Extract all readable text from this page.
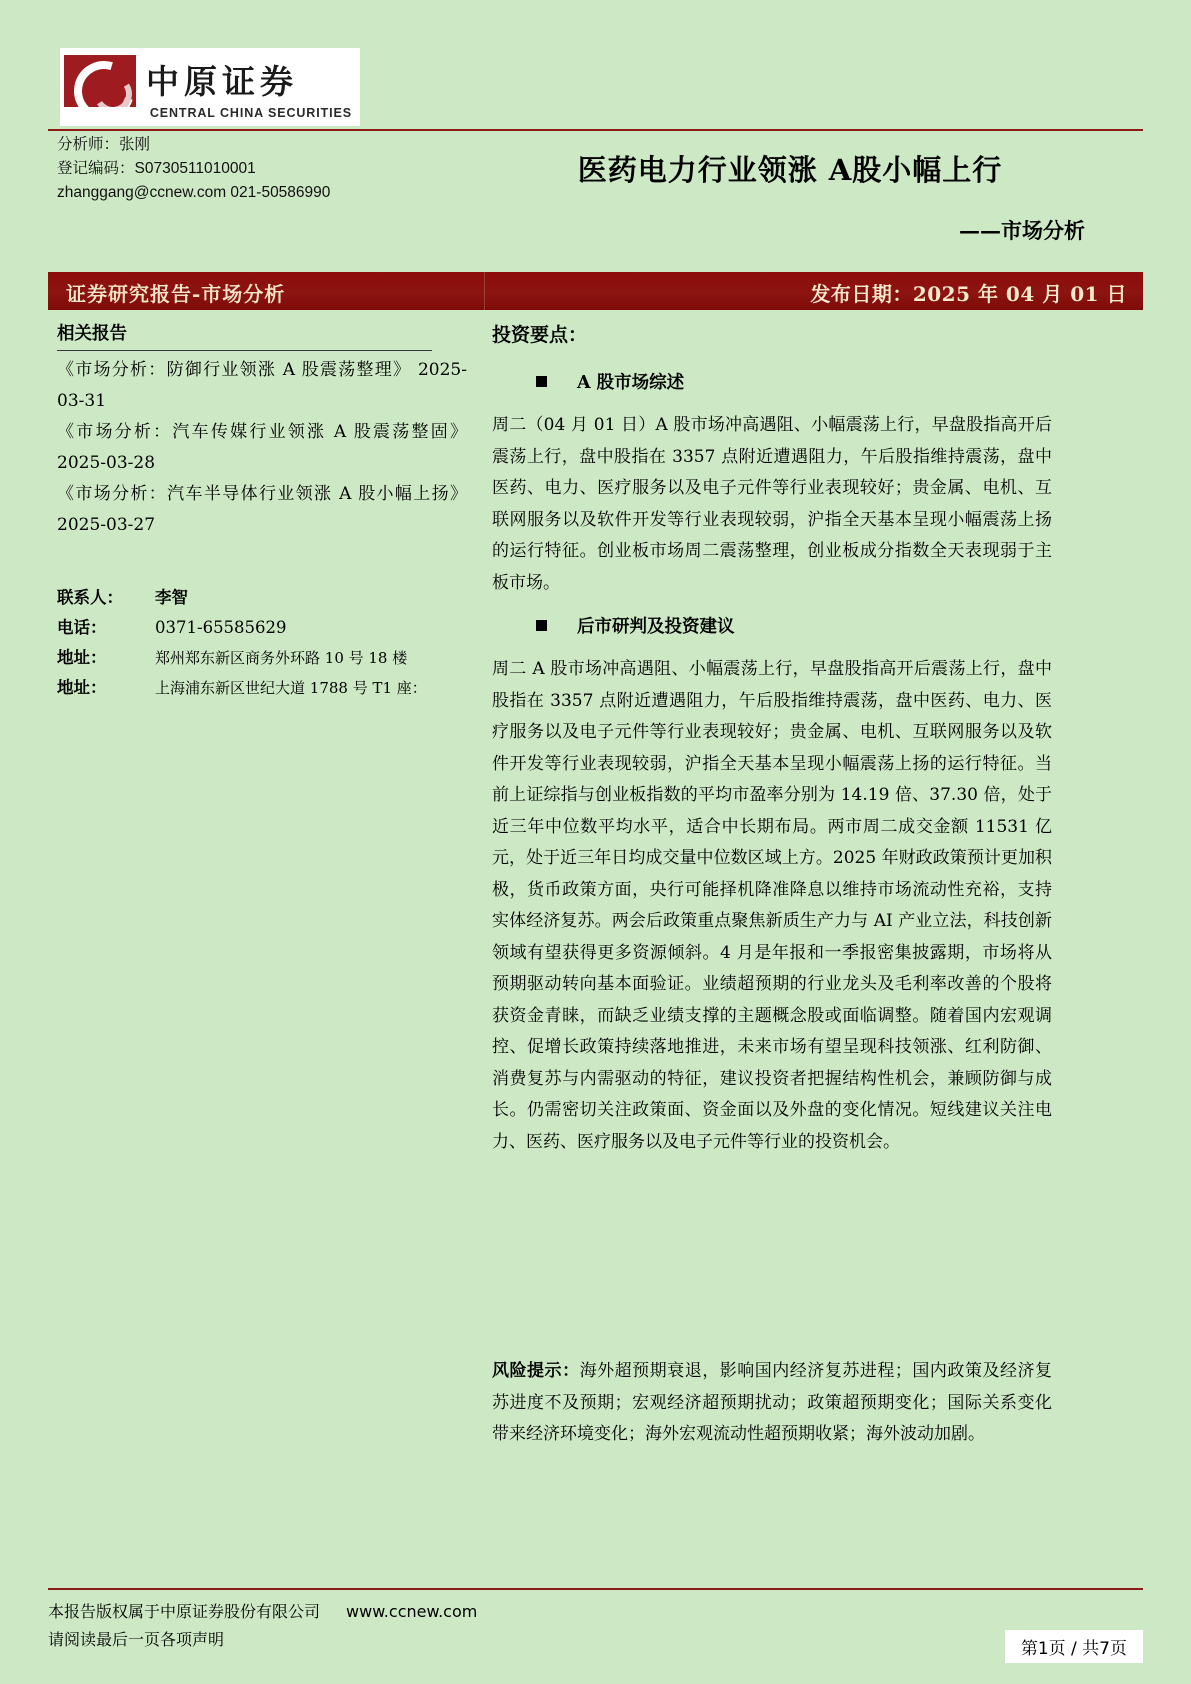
中原证券
CENTRAL CHINA SECURITIES
分析师：张刚
登记编码：S0730511010001
zhanggang@ccnew.com 021-50586990
医药电力行业领涨 A股小幅上行
——市场分析
证券研究报告-市场分析	发布日期：2025 年 04 月 01 日
相关报告
《市场分析：防御行业领涨 A 股震荡整理》 2025-03-31
《市场分析：汽车传媒行业领涨 A 股震荡整固》 2025-03-28
《市场分析：汽车半导体行业领涨 A 股小幅上扬》 2025-03-27
联系人：	李智
电话：	0371-65585629
地址：	郑州郑东新区商务外环路 10 号 18 楼
地址：	上海浦东新区世纪大道 1788 号 T1 座：
投资要点：
A 股市场综述

周二（04 月 01 日）A 股市场冲高遇阻、小幅震荡上行，早盘股指高开后震荡上行，盘中股指在 3357 点附近遭遇阻力，午后股指维持震荡，盘中医药、电力、医疗服务以及电子元件等行业表现较好；贵金属、电机、互联网服务以及软件开发等行业表现较弱，沪指全天基本呈现小幅震荡上扬的运行特征。创业板市场周二震荡整理，创业板成分指数全天表现弱于主板市场。

后市研判及投资建议

周二 A 股市场冲高遇阻、小幅震荡上行，早盘股指高开后震荡上行，盘中股指在 3357 点附近遭遇阻力，午后股指维持震荡，盘中医药、电力、医疗服务以及电子元件等行业表现较好；贵金属、电机、互联网服务以及软件开发等行业表现较弱，沪指全天基本呈现小幅震荡上扬的运行特征。当前上证综指与创业板指数的平均市盈率分别为 14.19 倍、37.30 倍，处于近三年中位数平均水平，适合中长期布局。两市周二成交金额 11531 亿元，处于近三年日均成交量中位数区域上方。2025 年财政政策预计更加积极，货币政策方面，央行可能择机降准降息以维持市场流动性充裕，支持实体经济复苏。两会后政策重点聚焦新质生产力与 AI 产业立法，科技创新领域有望获得更多资源倾斜。4 月是年报和一季报密集披露期，市场将从预期驱动转向基本面验证。业绩超预期的行业龙头及毛利率改善的个股将获资金青睐，而缺乏业绩支撑的主题概念股或面临调整。随着国内宏观调控、促增长政策持续落地推进，未来市场有望呈现科技领涨、红利防御、消费复苏与内需驱动的特征，建议投资者把握结构性机会，兼顾防御与成长。仍需密切关注政策面、资金面以及外盘的变化情况。短线建议关注电力、医药、医疗服务以及电子元件等行业的投资机会。

风险提示：海外超预期衰退，影响国内经济复苏进程；国内政策及经济复苏进度不及预期；宏观经济超预期扰动；政策超预期变化；国际关系变化带来经济环境变化；海外宏观流动性超预期收紧；海外波动加剧。
本报告版权属于中原证券股份有限公司 www.ccnew.com
请阅读最后一页各项声明	第1页 / 共7页
